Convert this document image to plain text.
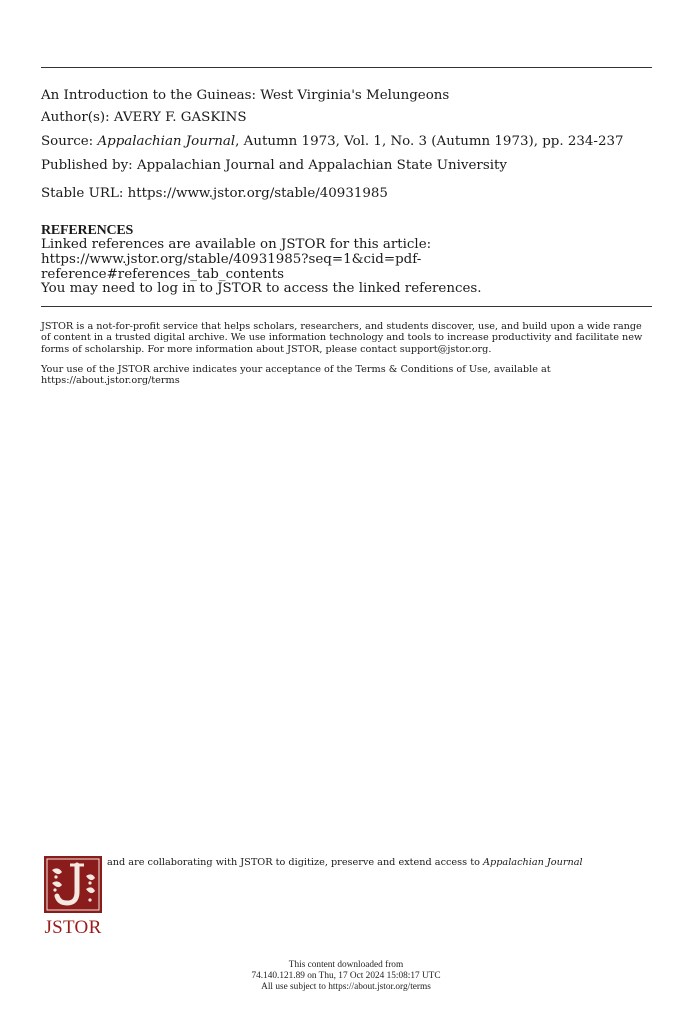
An Introduction to the Guineas: West Virginia's Melungeons
Author(s): AVERY F. GASKINS
Source: Appalachian Journal, Autumn 1973, Vol. 1, No. 3 (Autumn 1973), pp. 234-237
Published by: Appalachian Journal and Appalachian State University
Stable URL: https://www.jstor.org/stable/40931985
REFERENCES
Linked references are available on JSTOR for this article:
https://www.jstor.org/stable/40931985?seq=1&cid=pdf-
reference#references_tab_contents
You may need to log in to JSTOR to access the linked references.
JSTOR is a not-for-profit service that helps scholars, researchers, and students discover, use, and build upon a wide range of content in a trusted digital archive. We use information technology and tools to increase productivity and facilitate new forms of scholarship. For more information about JSTOR, please contact support@jstor.org.
Your use of the JSTOR archive indicates your acceptance of the Terms & Conditions of Use, available at https://about.jstor.org/terms
JSTOR
and are collaborating with JSTOR to digitize, preserve and extend access to Appalachian Journal
This content downloaded from
74.140.121.89 on Thu, 17 Oct 2024 15:08:17 UTC
All use subject to https://about.jstor.org/terms
